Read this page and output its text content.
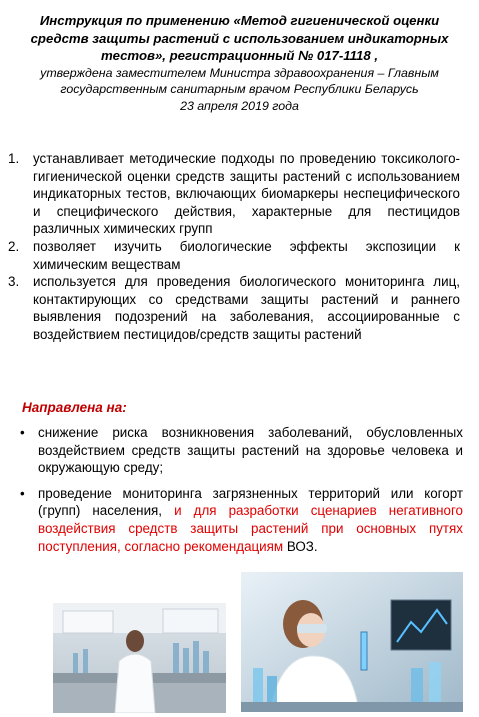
Инструкция по применению «Метод гигиенической оценки средств защиты растений с использованием индикаторных тестов», регистрационный № 017-1118 ,
утверждена заместителем Министра здравоохранения – Главным государственным санитарным врачом Республики Беларусь
23 апреля 2019 года
1. устанавливает методические подходы по проведению токсиколого-гигиенической оценки средств защиты растений с использованием индикаторных тестов, включающих биомаркеры неспецифического и специфического действия, характерные для пестицидов различных химических групп
2. позволяет изучить биологические эффекты экспозиции к химическим веществам
3. используется для проведения биологического мониторинга лиц, контактирующих со средствами защиты растений и раннего выявления подозрений на заболевания, ассоциированные с воздействием пестицидов/средств защиты растений
Направлена на:
• снижение риска возникновения заболеваний, обусловленных воздействием средств защиты растений на здоровье человека и окружающую среду;
• проведение мониторинга загрязненных территорий или когорт (групп) населения, и для разработки сценариев негативного воздействия средств защиты растений при основных путях поступления, согласно рекомендациям ВОЗ.
